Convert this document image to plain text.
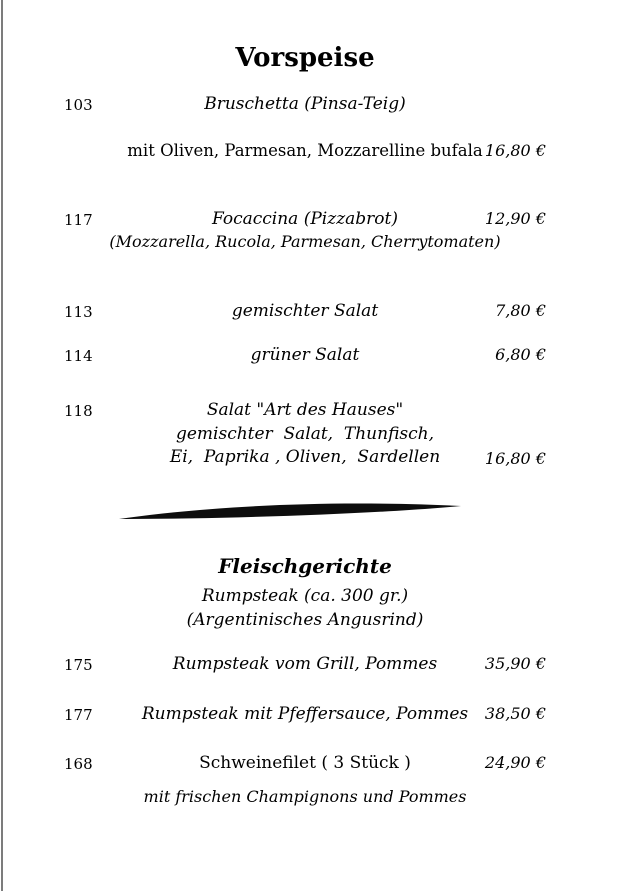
Vorspeise
103	Bruschetta (Pinsa-Teig)
mit Oliven, Parmesan, Mozzarelline bufala 16,80 €
117	Focaccina (Pizzabrot)	12,90 €
(Mozzarella, Rucola, Parmesan, Cherrytomaten)
113	gemischter Salat	7,80 €
114	grüner Salat	6,80 €
118	Salat "Art des Hauses"
gemischter  Salat,  Thunfisch,
Ei,  Paprika , Oliven,  Sardellen	16,80 €
Fleischgerichte
Rumpsteak (ca. 300 gr.)
(Argentinisches Angusrind)
175	Rumpsteak vom Grill, Pommes	35,90 €
177	Rumpsteak mit Pfeffersauce, Pommes	38,50 €
168	Schweinefilet ( 3 Stück )	24,90 €
mit frischen Champignons und Pommes
